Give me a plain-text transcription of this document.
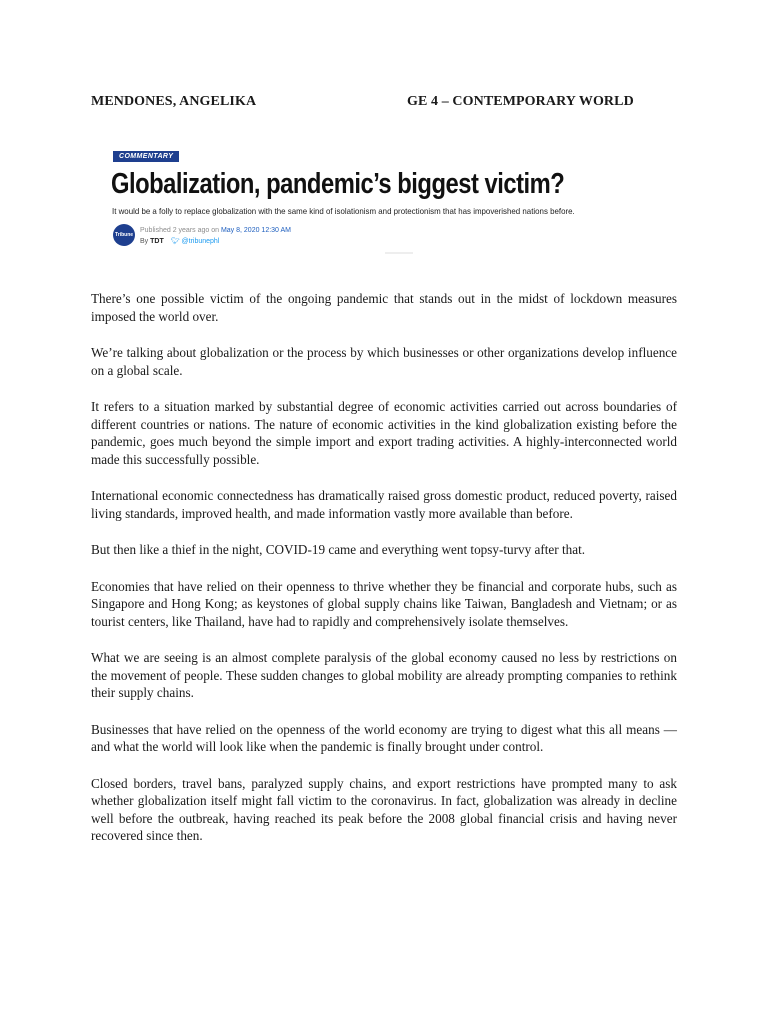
MENDONES, ANGELIKA	GE 4 – CONTEMPORARY WORLD
COMMENTARY
Globalization, pandemic’s biggest victim?
It would be a folly to replace globalization with the same kind of isolationism and protectionism that has impoverished nations before.
Tribune
Published 2 years ago on May 8, 2020 12:30 AM
By TDT 🐦︎ @tribunephl

There’s one possible victim of the ongoing pandemic that stands out in the midst of lockdown measures imposed the world over.

We’re talking about globalization or the process by which businesses or other organizations develop influence on a global scale.

It refers to a situation marked by substantial degree of economic activities carried out across boundaries of different countries or nations. The nature of economic activities in the kind globalization existing before the pandemic, goes much beyond the simple import and export trading activities. A highly-interconnected world made this successfully possible.

International economic connectedness has dramatically raised gross domestic product, reduced poverty, raised living standards, improved health, and made information vastly more available than before.

But then like a thief in the night, COVID-19 came and everything went topsy-turvy after that.

Economies that have relied on their openness to thrive whether they be financial and corporate hubs, such as Singapore and Hong Kong; as keystones of global supply chains like Taiwan, Bangladesh and Vietnam; or as tourist centers, like Thailand, have had to rapidly and comprehensively isolate themselves.

What we are seeing is an almost complete paralysis of the global economy caused no less by restrictions on the movement of people. These sudden changes to global mobility are already prompting companies to rethink their supply chains.

Businesses that have relied on the openness of the world economy are trying to digest what this all means — and what the world will look like when the pandemic is finally brought under control.

Closed borders, travel bans, paralyzed supply chains, and export restrictions have prompted many to ask whether globalization itself might fall victim to the coronavirus. In fact, globalization was already in decline well before the outbreak, having reached its peak before the 2008 global financial crisis and having never recovered since then.
